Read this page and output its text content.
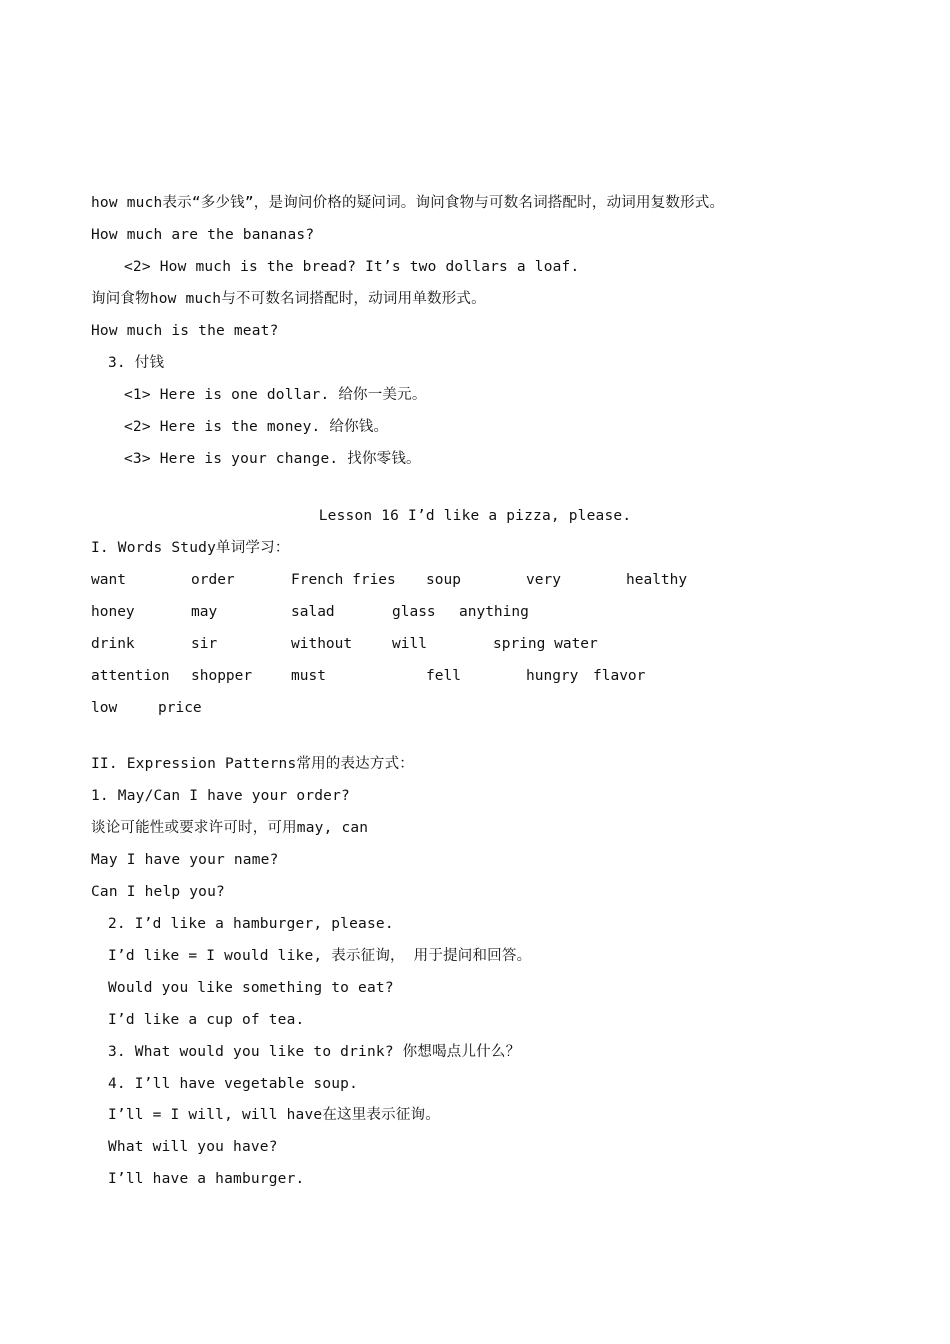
how much表示“多少钱”，是询问价格的疑问词。询问食物与可数名词搭配时，动词用复数形式。
How much are the bananas?
<2> How much is the bread? It’s two dollars a loaf.
询问食物how much与不可数名词搭配时，动词用单数形式。
How much is the meat?
3. 付钱
<1> Here is one dollar. 给你一美元。
<2> Here is the money. 给你钱。
<3> Here is your change. 找你零钱。
Lesson 16 I’d like a pizza, please.
I. Words Study单词学习：
want	order	French fries soup	very	healthy
honey	may	salad	glass anything
drink	sir	without	will	spring water
attention shopper	must	fell	hungry flavor
low	price
II. Expression Patterns常用的表达方式：
1. May/Can I have your order?
谈论可能性或要求许可时，可用may, can
May I have your name?
Can I help you?
2. I’d like a hamburger, please.
I’d like = I would like, 表示征询， 用于提问和回答。
Would you like something to eat?
I’d like a cup of tea.
3. What would you like to drink? 你想喝点儿什么？
4. I’ll have vegetable soup.
I’ll = I will, will have在这里表示征询。
What will you have?
I’ll have a hamburger.
